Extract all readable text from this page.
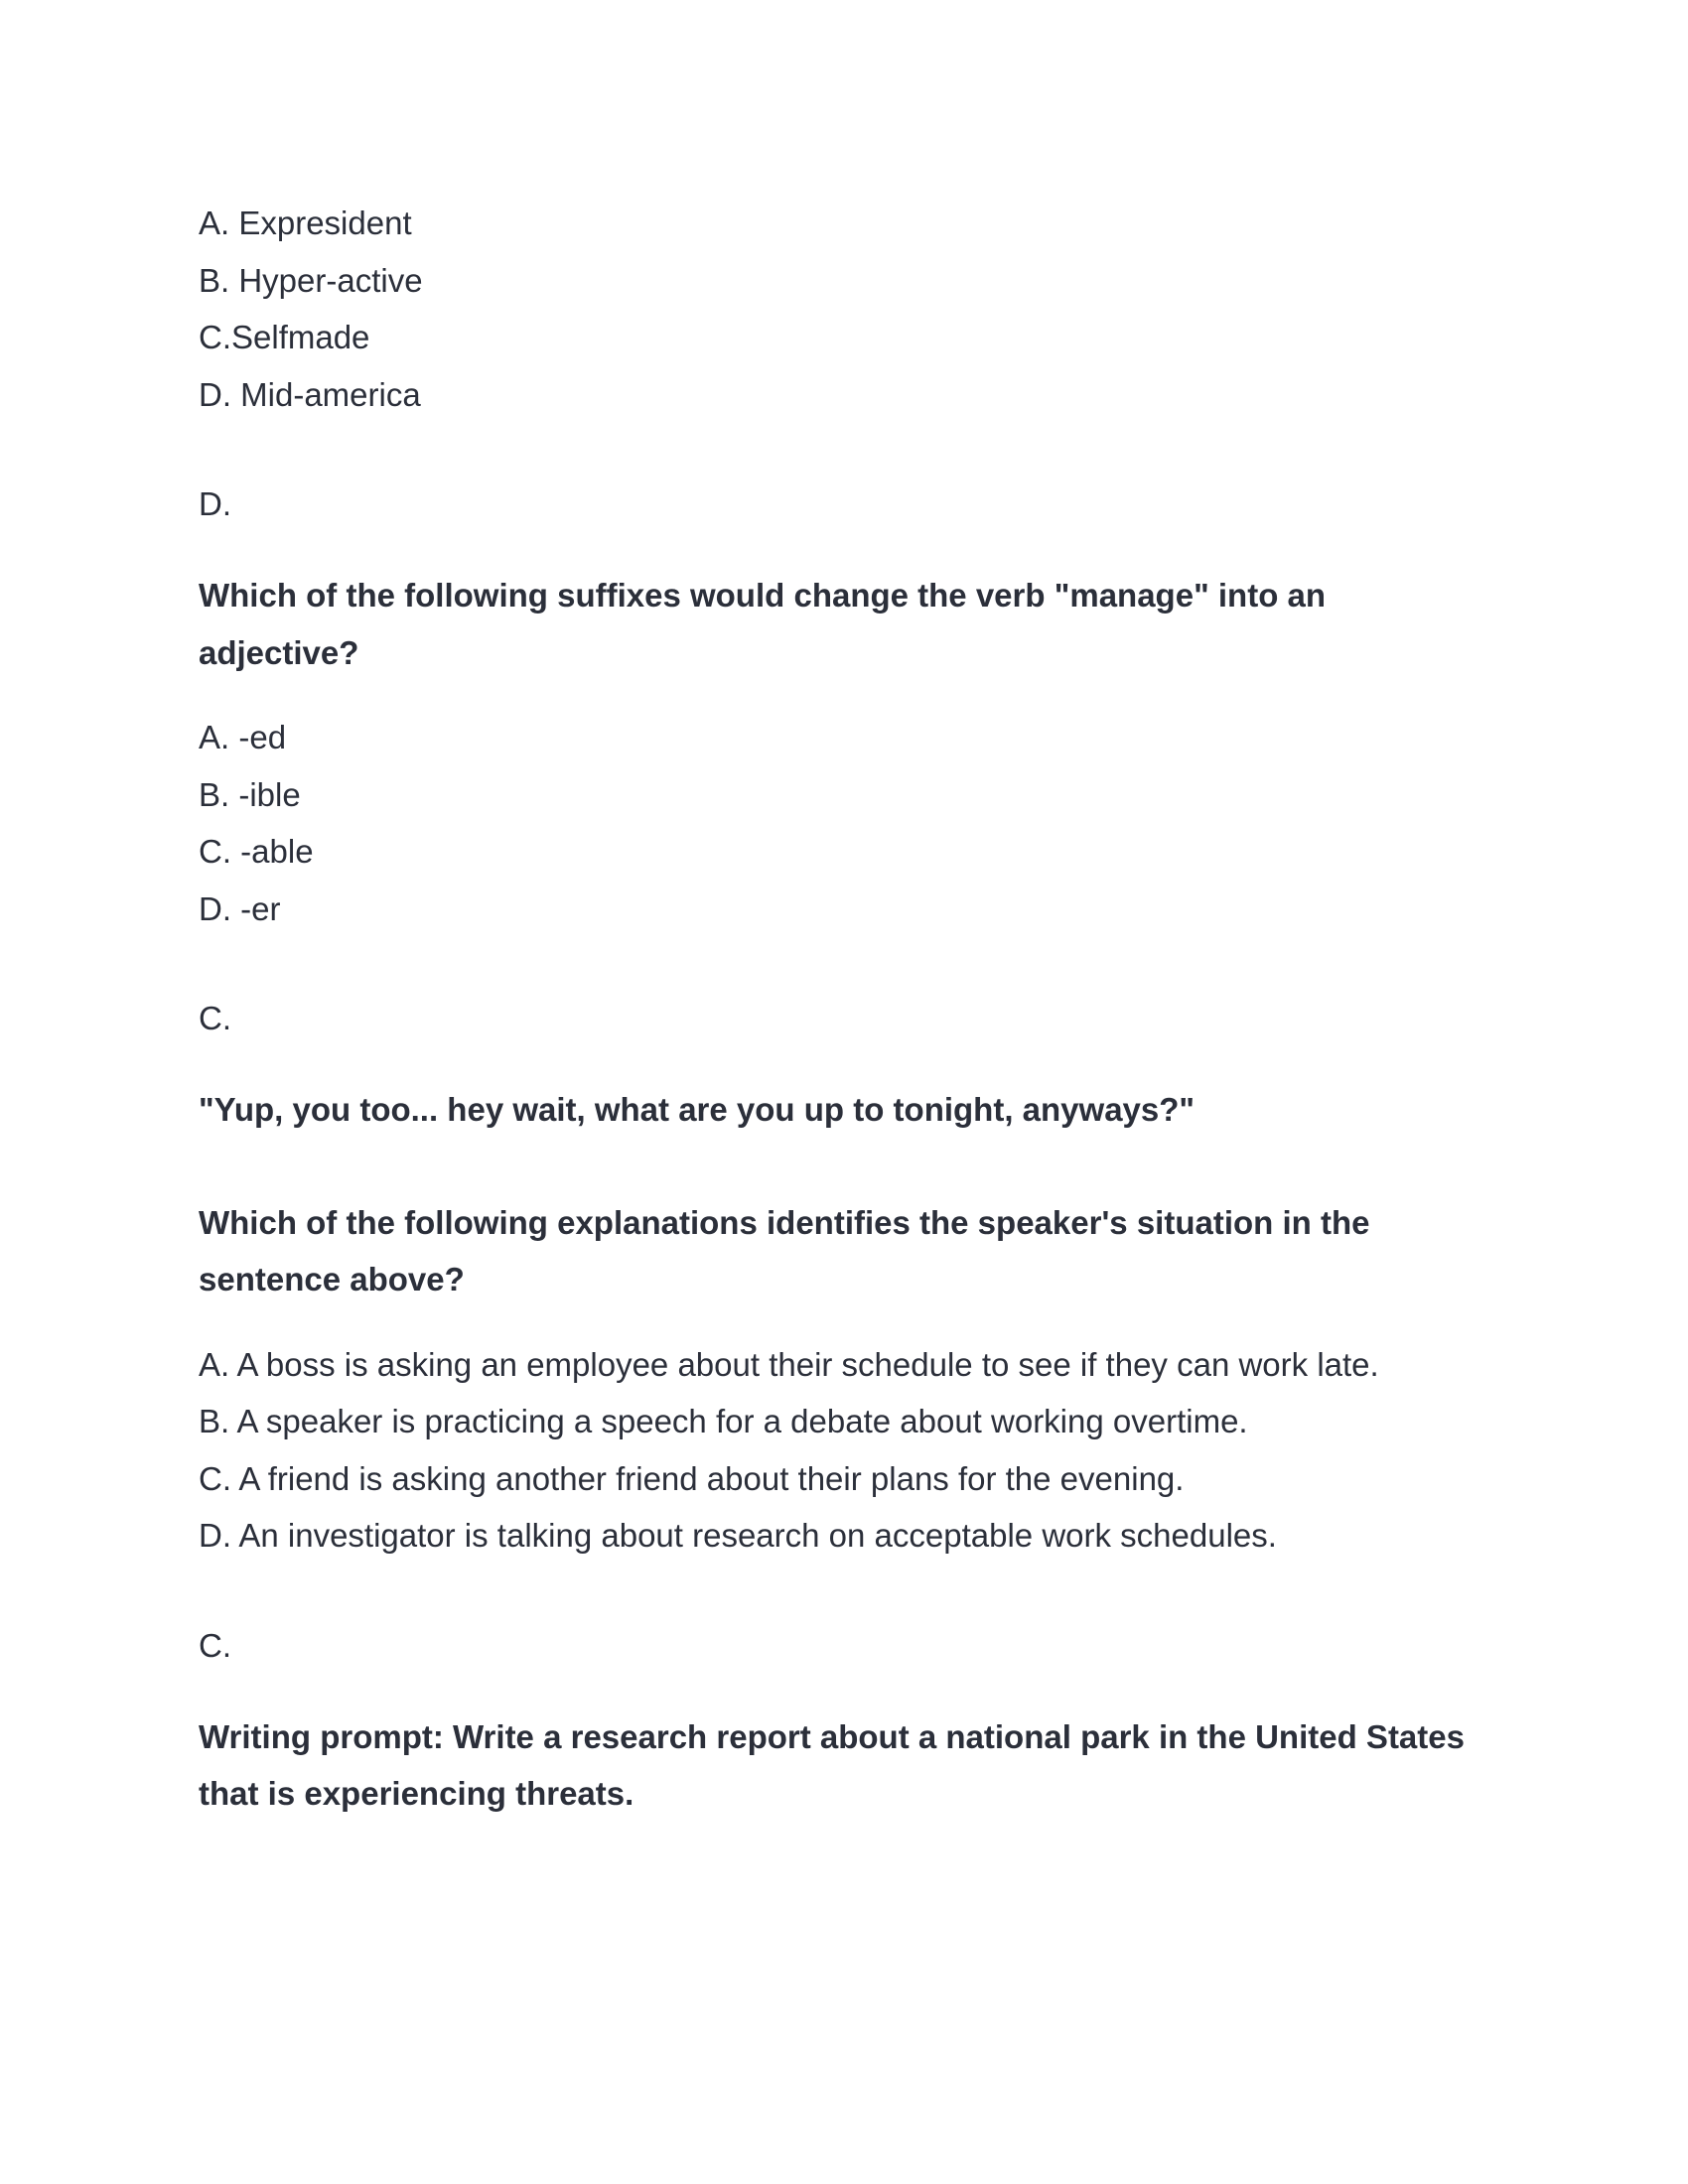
A. Expresident

B. Hyper-active

C.Selfmade

D. Mid-america

D.

Which of the following suffixes would change the verb "manage" into an adjective?

A. -ed

B. -ible

C. -able

D. -er

C.

"Yup, you too... hey wait, what are you up to tonight, anyways?"

Which of the following explanations identifies the speaker's situation in the sentence above?

A. A boss is asking an employee about their schedule to see if they can work late.

B. A speaker is practicing a speech for a debate about working overtime.

C. A friend is asking another friend about their plans for the evening.

D. An investigator is talking about research on acceptable work schedules.

C.

Writing prompt: Write a research report about a national park in the United States that is experiencing threats.
